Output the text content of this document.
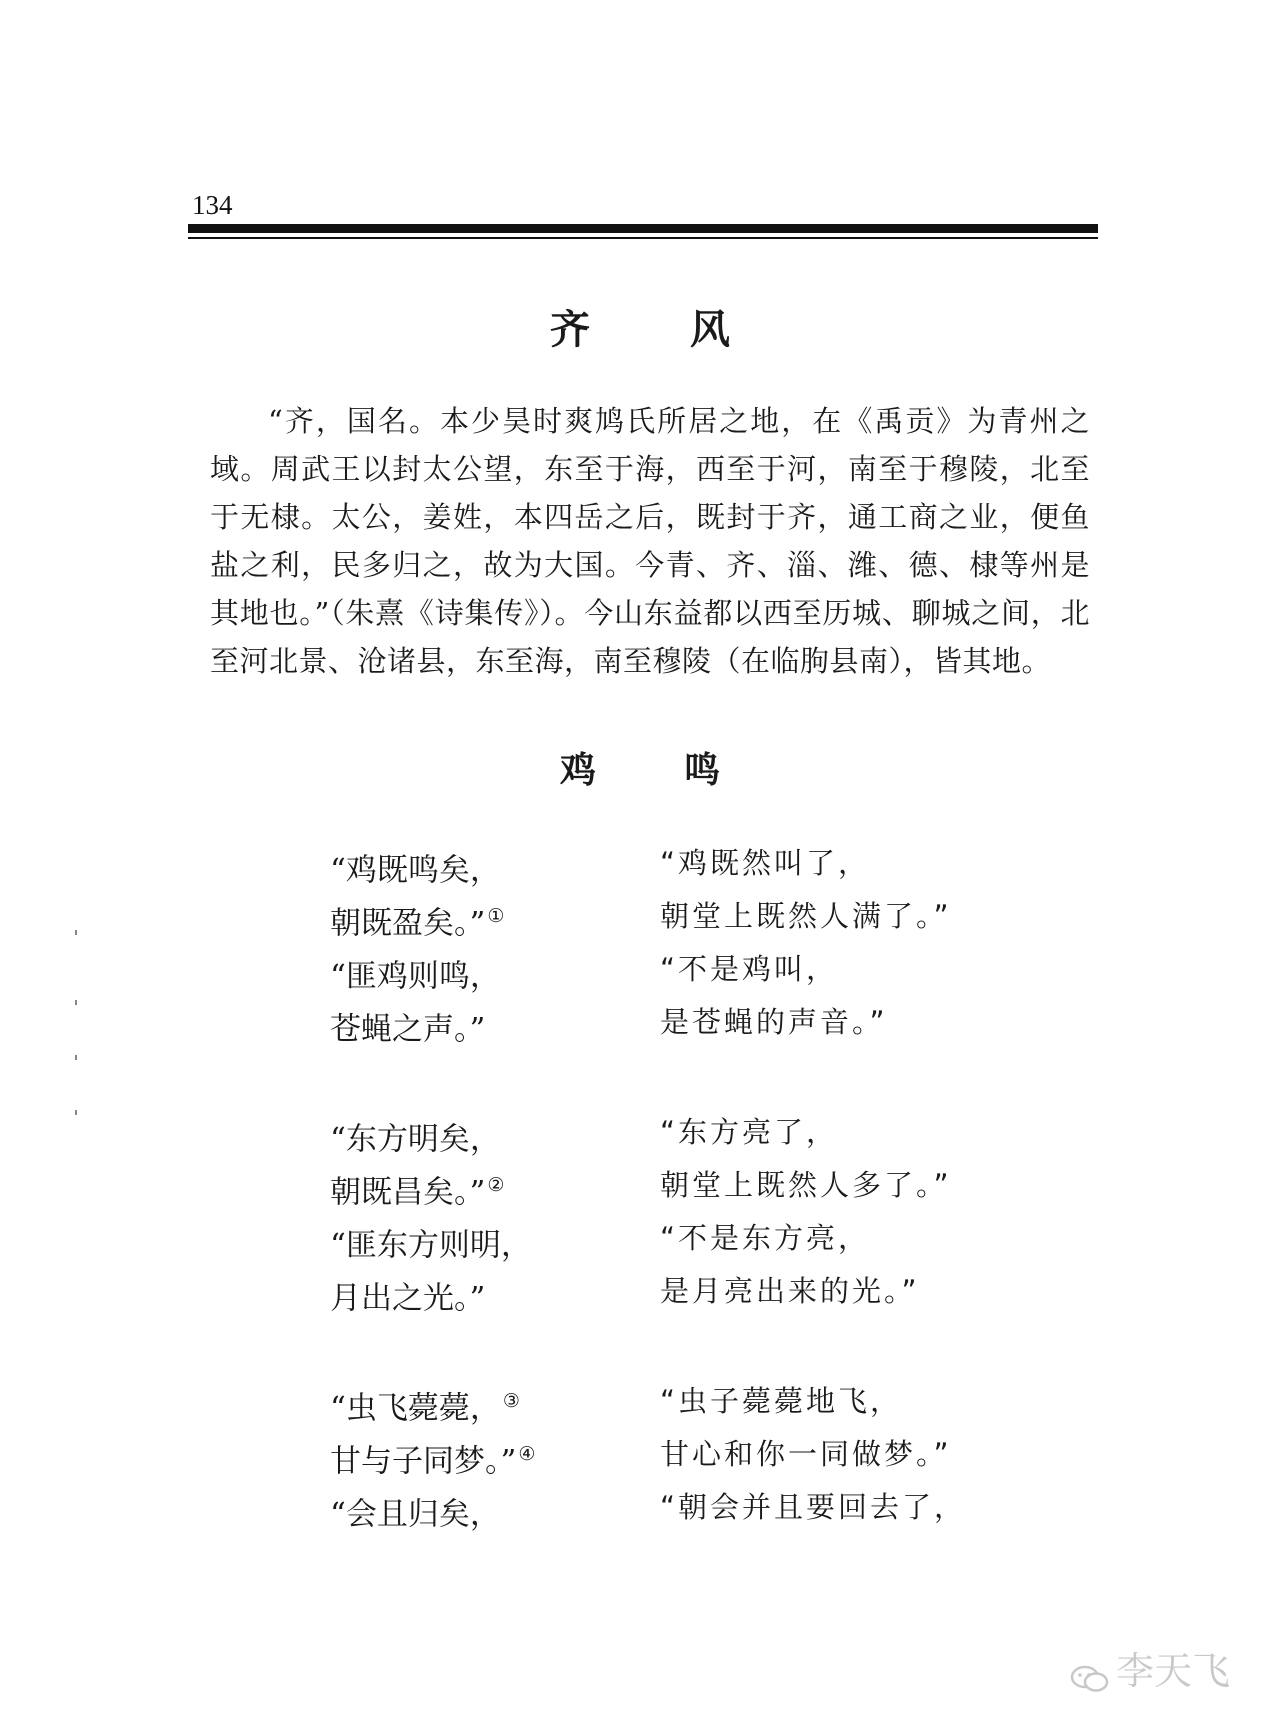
134
齐	风
“齐，国名。本少昊时爽鸠氏所居之地，在《禹贡》为青州之域。周武王以封太公望，东至于海，西至于河，南至于穆陵，北至于无棣。太公，姜姓，本四岳之后，既封于齐，通工商之业，便鱼盐之利，民多归之，故为大国。今青、齐、淄、潍、德、棣等州是其地也。”（朱熹《诗集传》）。今山东益都以西至历城、聊城之间，北至河北景、沧诸县，东至海，南至穆陵（在临朐县南），皆其地。
鸡 鸣
“鸡既鸣矣，
朝既盈矣。” ①
“匪鸡则鸣，
苍蝇之声。”
“鸡既然叫了，
朝堂上既然人满了。”
“不是鸡叫，
是苍蝇的声音。”
“东方明矣，
朝既昌矣。” ②
“匪东方则明，
月出之光。”
“东方亮了，
朝堂上既然人多了。”
“不是东方亮，
是月亮出来的光。”
“虫飞薨薨， ③
甘与子同梦。” ④
“会且归矣，
“虫子薨薨地飞，
甘心和你一同做梦。”
“朝会并且要回去了，
李天飞
